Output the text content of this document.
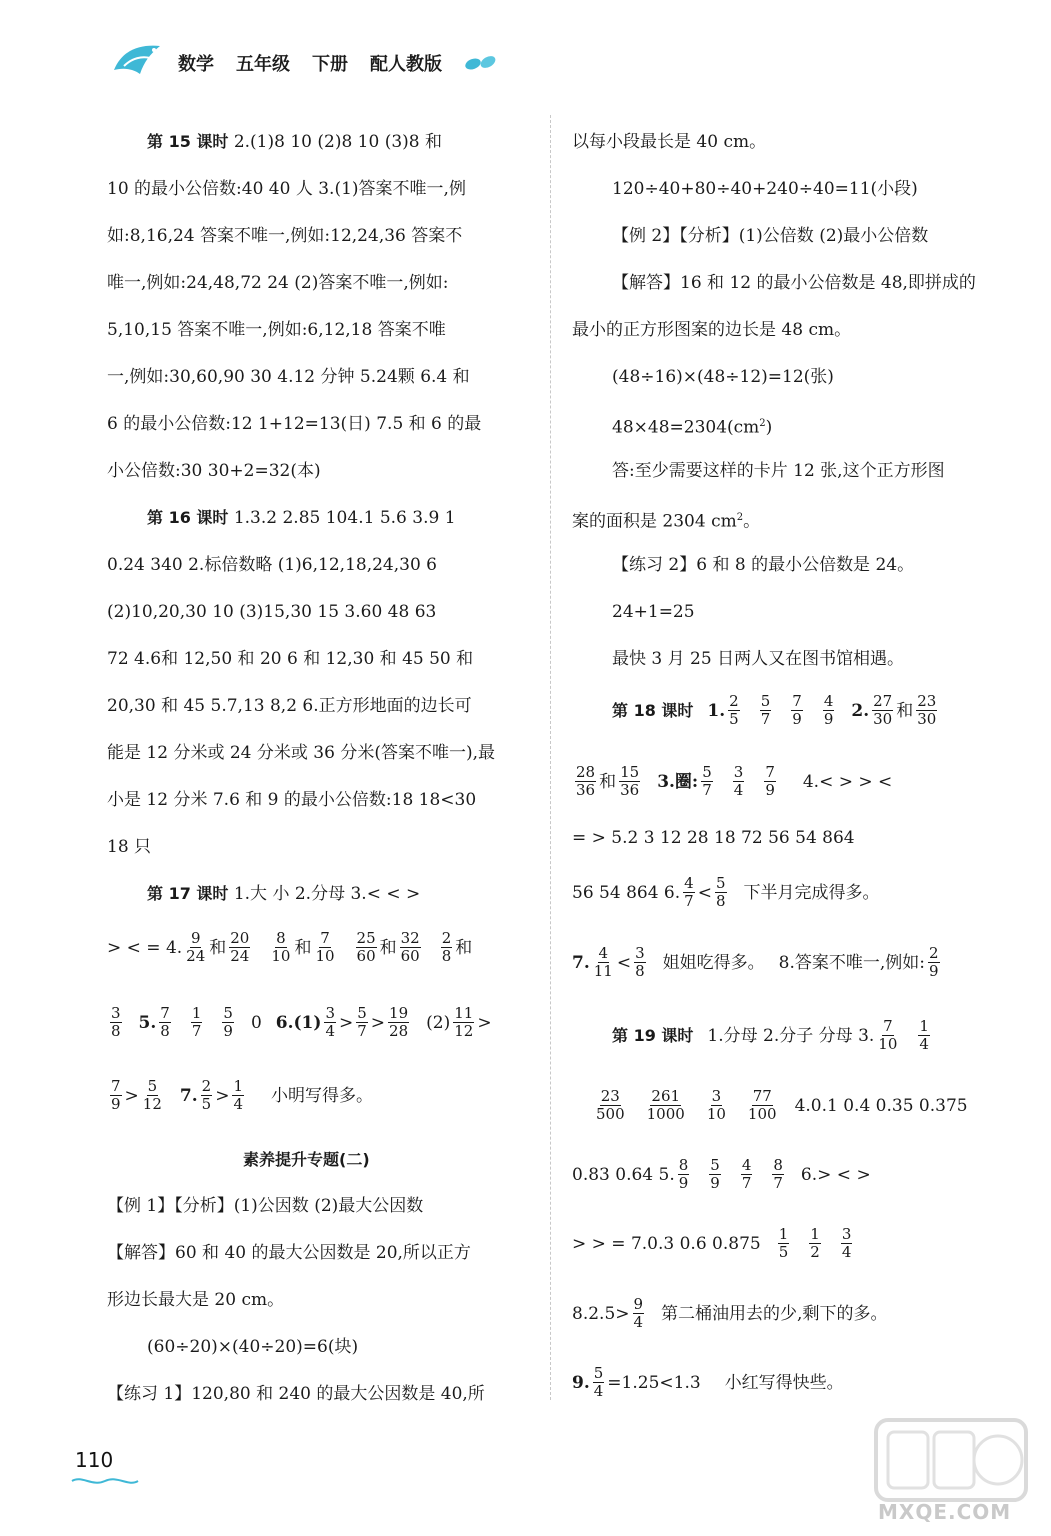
数学 五年级 下册 配人教版
第 15 课时 2.(1)8 10 (2)8 10 (3)8 和
10 的最小公倍数:40 40 人 3.(1)答案不唯一,例
如:8,16,24 答案不唯一,例如:12,24,36 答案不
唯一,例如:24,48,72 24 (2)答案不唯一,例如:
5,10,15 答案不唯一,例如:6,12,18 答案不唯
一,例如:30,60,90 30 4.12 分钟 5.24颗 6.4 和
6 的最小公倍数:12 1+12=13(日) 7.5 和 6 的最
小公倍数:30 30+2=32(本)
第 16 课时 1.3.2 2.85 104.1 5.6 3.9 1
0.24 340 2.标倍数略 (1)6,12,18,24,30 6
(2)10,20,30 10 (3)15,30 15 3.60 48 63
72 4.6和 12,50 和 20 6 和 12,30 和 45 50 和
20,30 和 45 5.7,13 8,2 6.正方形地面的边长可
能是 12 分米或 24 分米或 36 分米(答案不唯一),最
小是 12 分米 7.6 和 9 的最小公倍数:18 18<30
18 只
第 17 课时 1.大 小 2.分母 3.< < >
> < = 4. $\frac{9}{24}$ 和 $\frac{20}{24} \frac{8}{10}$ 和 $\frac{7}{10} \frac{25}{60}$ 和 $\frac{32}{60} \frac{2}{8}$ 和
$\frac{3}{8} 5$. $\frac{7}{8} \frac{1}{7} \frac{5}{9} 0$ $6.(1) \frac{3}{4} > \frac{5}{7} > \frac{19}{28} (2) \frac{11}{12}$ >
$\frac{7}{9} > \frac{5}{12} 7$. $\frac{2}{5} > \frac{1}{4}$ 小明写得多。
素养提升专题(二)
【例 1】【分析】(1)公因数 (2)最大公因数
【解答】60 和 40 的最大公因数是 20,所以正方
形边长最大是 20 cm。
(60÷20)×(40÷20)=6(块)
【练习 1】120,80 和 240 的最大公因数是 40,所
以每小段最长是 40 cm。
120÷40+80÷40+240÷40=11(小段)
【例 2】【分析】(1)公倍数 (2)最小公倍数
【解答】16 和 12 的最小公倍数是 48,即拼成的
最小的正方形图案的边长是 48 cm。
(48÷16)×(48÷12)=12(张)
$48\times 48=2304(cm^2)$
答:至少需要这样的卡片 12 张,这个正方形图
案的面积是 2304 $cm^2$。
【练习 2】6 和 8 的最小公倍数是 24。
24+1=25
最快 3 月 25 日两人又在图书馆相遇。
第 18 课时 1. $\frac{2}{5} \frac{5}{7} \frac{7}{9} \frac{4}{9} 2$. $\frac{27}{30}$ 和 $\frac{23}{30}$
$\frac{28}{36}$ 和 $\frac{15}{36} 3$.圈: $\frac{5}{7} \frac{3}{4} \frac{7}{9} 4.<$ > > <
= > 5.2 3 12 28 18 72 56 54 864
56 54 864 6. $\frac{4}{7} < \frac{5}{8}$ 下半月完成得多。
7. $\frac{4}{11} < \frac{3}{8}$ 姐姐吃得多。 8.答案不唯一,例如: $\frac{2}{9}$
第 19 课时 1.分母 2.分子 分母 3. $\frac{7}{10} \frac{1}{4}$
$\frac{23}{500} \frac{261}{1000} \frac{3}{10} \frac{77}{100} 4.0.1$ 0.4 0.35 0.375
0.83 0.64 5. $\frac{8}{9} \frac{5}{9} \frac{4}{7} \frac{8}{7} 6.>$ < >
> > = 7.0.3 0.6 $0.875 \frac{1}{5} \frac{1}{2} \frac{3}{4}$
$8.2.5> \frac{9}{4}$ 第二桶油用去的少,剩下的多。
9. $\frac{5}{4} =1.25<1.3$ 小红写得快些。
110
MXQE.COM
